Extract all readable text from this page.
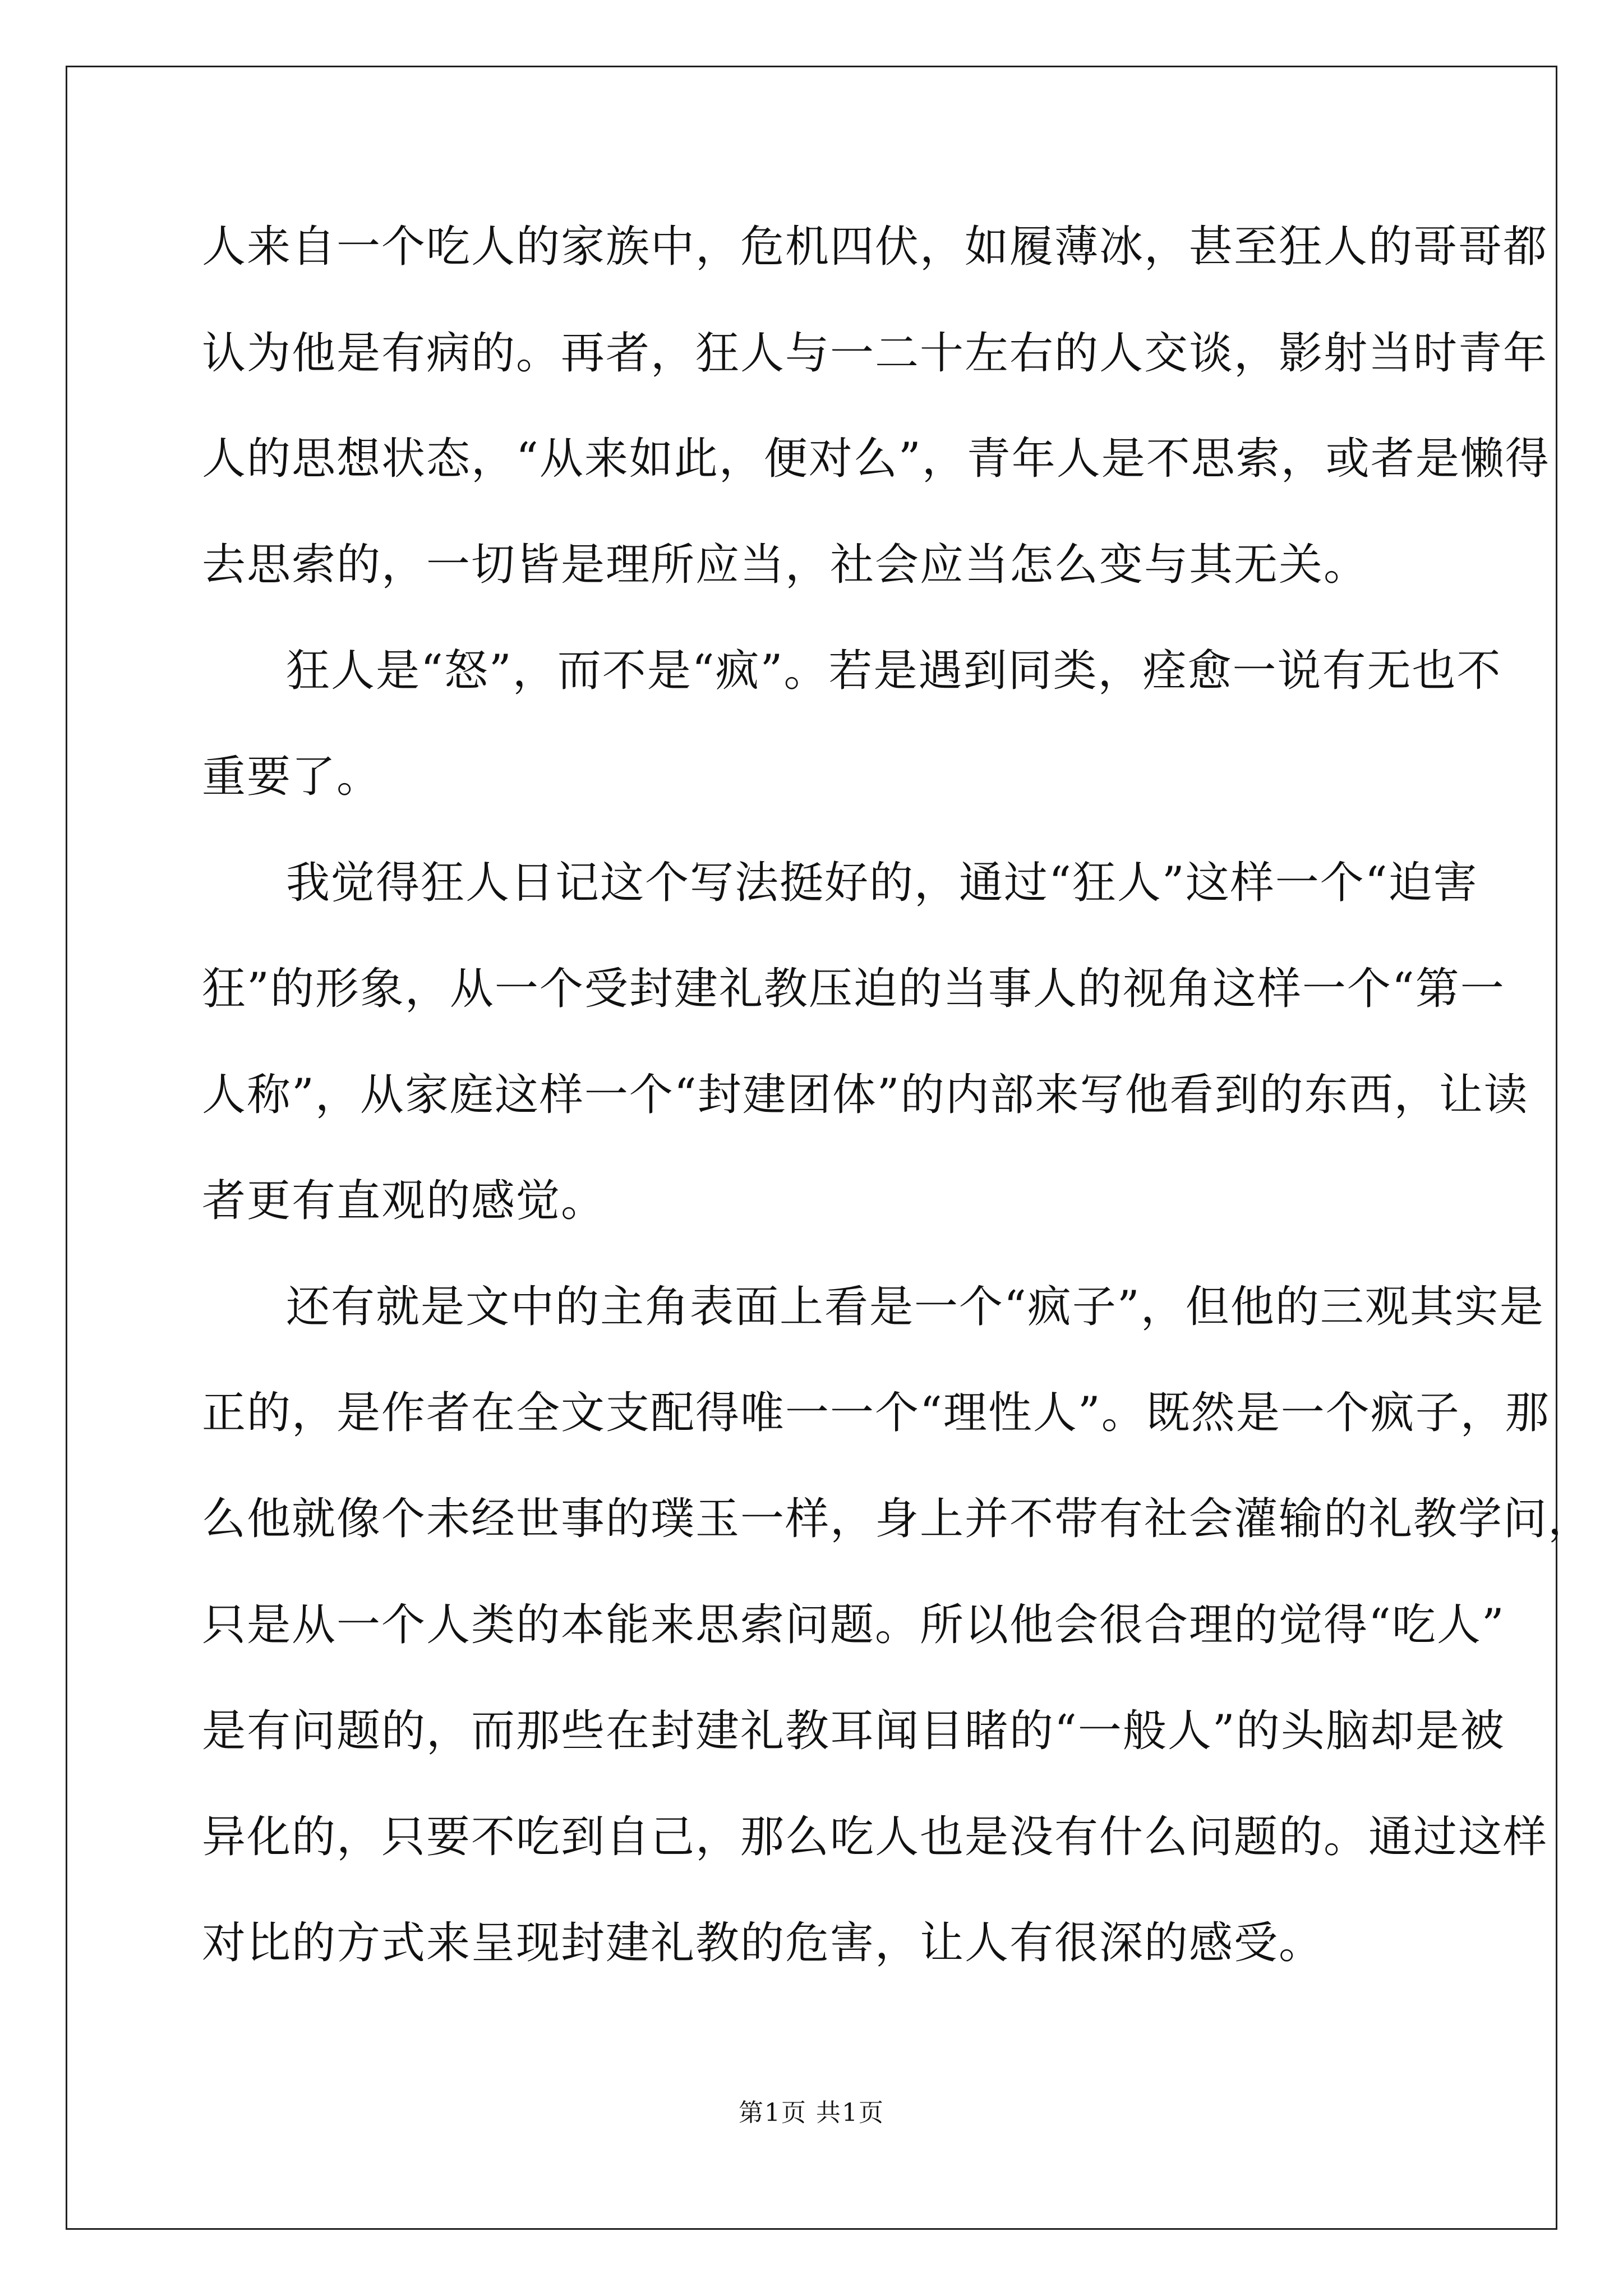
人来自一个吃人的家族中，危机四伏，如履薄冰，甚至狂人的哥哥都
认为他是有病的。再者，狂人与一二十左右的人交谈，影射当时青年
人的思想状态，“从来如此，便对么”，青年人是不思索，或者是懒得
去思索的，一切皆是理所应当，社会应当怎么变与其无关。
狂人是“怒”，而不是“疯”。若是遇到同类，痊愈一说有无也不
重要了。
我觉得狂人日记这个写法挺好的，通过“狂人”这样一个“迫害
狂”的形象，从一个受封建礼教压迫的当事人的视角这样一个“第一
人称”，从家庭这样一个“封建团体”的内部来写他看到的东西，让读
者更有直观的感觉。
还有就是文中的主角表面上看是一个“疯子”，但他的三观其实是
正的，是作者在全文支配得唯一一个“理性人”。既然是一个疯子，那
么他就像个未经世事的璞玉一样，身上并不带有社会灌输的礼教学问，
只是从一个人类的本能来思索问题。所以他会很合理的觉得“吃人”
是有问题的，而那些在封建礼教耳闻目睹的“一般人”的头脑却是被
异化的，只要不吃到自己，那么吃人也是没有什么问题的。通过这样
对比的方式来呈现封建礼教的危害，让人有很深的感受。
第1页 共1页
